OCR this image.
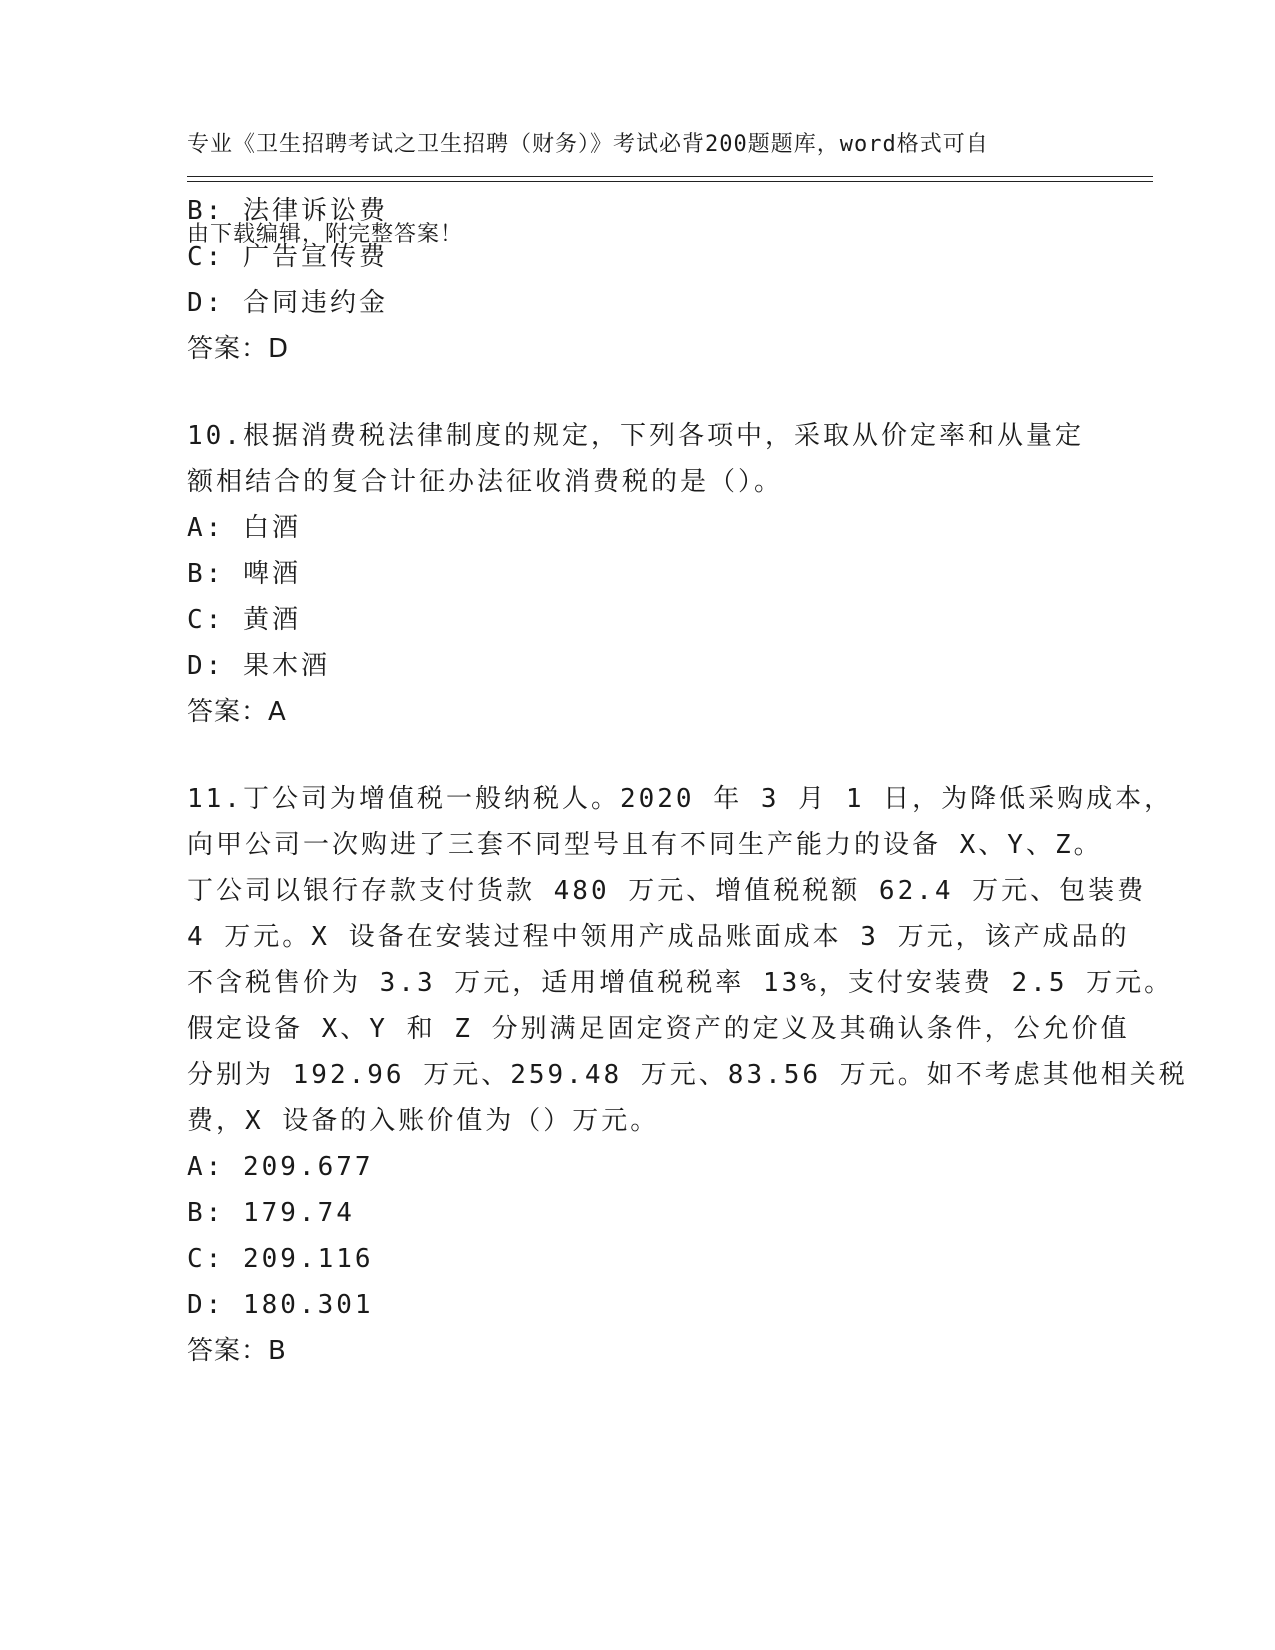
专业《卫生招聘考试之卫生招聘（财务）》考试必背200题题库，word格式可自

由下载编辑，附完整答案！

B: 法律诉讼费
C: 广告宣传费
D: 合同违约金
答案：D
10.根据消费税法律制度的规定，下列各项中，采取从价定率和从量定
额相结合的复合计征办法征收消费税的是（）。
A: 白酒
B: 啤酒
C: 黄酒
D: 果木酒
答案：A
11.丁公司为增值税一般纳税人。2020 年 3 月 1 日，为降低采购成本，
向甲公司一次购进了三套不同型号且有不同生产能力的设备 X、Y、Z。
丁公司以银行存款支付货款 480 万元、增值税税额 62.4 万元、包装费
4 万元。X 设备在安装过程中领用产成品账面成本 3 万元，该产成品的
不含税售价为 3.3 万元，适用增值税税率 13%，支付安装费 2.5 万元。
假定设备 X、Y 和 Z 分别满足固定资产的定义及其确认条件，公允价值
分别为 192.96 万元、259.48 万元、83.56 万元。如不考虑其他相关税
费，X 设备的入账价值为（）万元。
A: 209.677
B: 179.74
C: 209.116
D: 180.301
答案：B
